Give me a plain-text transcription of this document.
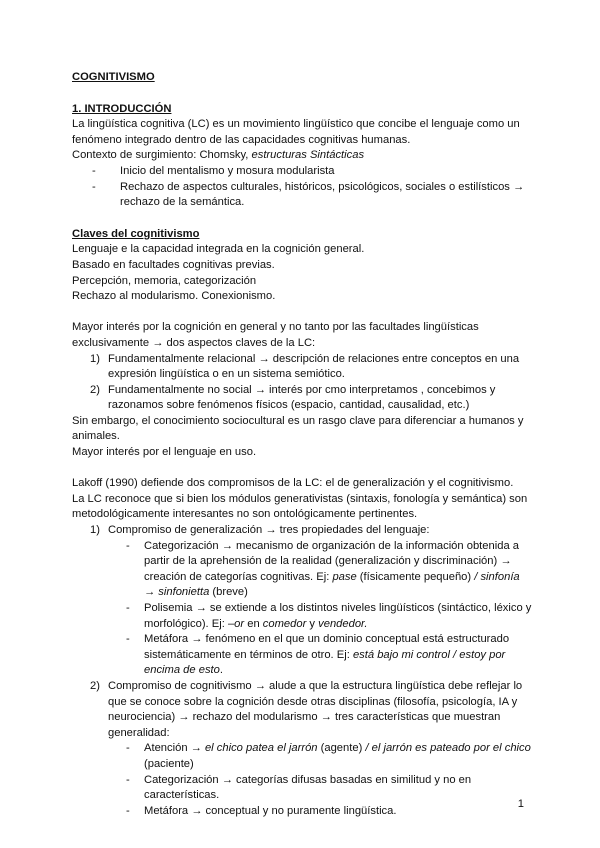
COGNITIVISMO

1. INTRODUCCIÓN

La lingüística cognitiva (LC) es un movimiento lingüístico que concibe el lenguaje como un fenómeno integrado dentro de las capacidades cognitivas humanas.

Contexto de surgimiento: Chomsky, estructuras Sintácticas

- Inicio del mentalismo y mosura modularista
- Rechazo de aspectos culturales, históricos, psicológicos, sociales o estilísticos → rechazo de la semántica.

Claves del cognitivismo

Lenguaje e la capacidad integrada en la cognición general.

Basado en facultades cognitivas previas.

Percepción, memoria, categorización

Rechazo al modularismo. Conexionismo.

Mayor interés por la cognición en general y no tanto por las facultades lingüísticas exclusivamente → dos aspectos claves de la LC:

1) Fundamentalmente relacional → descripción de relaciones entre conceptos en una expresión lingüística o en un sistema semiótico.
2) Fundamentalmente no social → interés por cmo interpretamos , concebimos y razonamos sobre fenómenos físicos (espacio, cantidad, causalidad, etc.)

Sin embargo, el conocimiento sociocultural es un rasgo clave para diferenciar a humanos y animales.

Mayor interés por el lenguaje en uso.

Lakoff (1990) defiende dos compromisos de la LC: el de generalización y el cognitivismo.

La LC reconoce que si bien los módulos generativistas (sintaxis, fonología y semántica) son metodológicamente interesantes no son ontológicamente pertinentes.

1) Compromiso de generalización → tres propiedades del lenguaje:
- Categorización → mecanismo de organización de la información obtenida a partir de la aprehensión de la realidad (generalización y discriminación) → creación de categorías cognitivas. Ej: pase (físicamente pequeño) / sinfonía → sinfonietta (breve)
- Polisemia → se extiende a los distintos niveles lingüísticos (sintáctico, léxico y morfológico). Ej: –or en comedor y vendedor.
- Metáfora → fenómeno en el que un dominio conceptual está estructurado sistemáticamente en términos de otro. Ej: está bajo mi control / estoy por encima de esto.
2) Compromiso de cognitivismo → alude a que la estructura lingüística debe reflejar lo que se conoce sobre la cognición desde otras disciplinas (filosofía, psicología, IA y neurociencia) → rechazo del modularismo → tres características que muestran generalidad:
- Atención → el chico patea el jarrón (agente) / el jarrón es pateado por el chico (paciente)
- Categorización → categorías difusas basadas en similitud y no en características.
- Metáfora → conceptual y no puramente lingüística.
1
